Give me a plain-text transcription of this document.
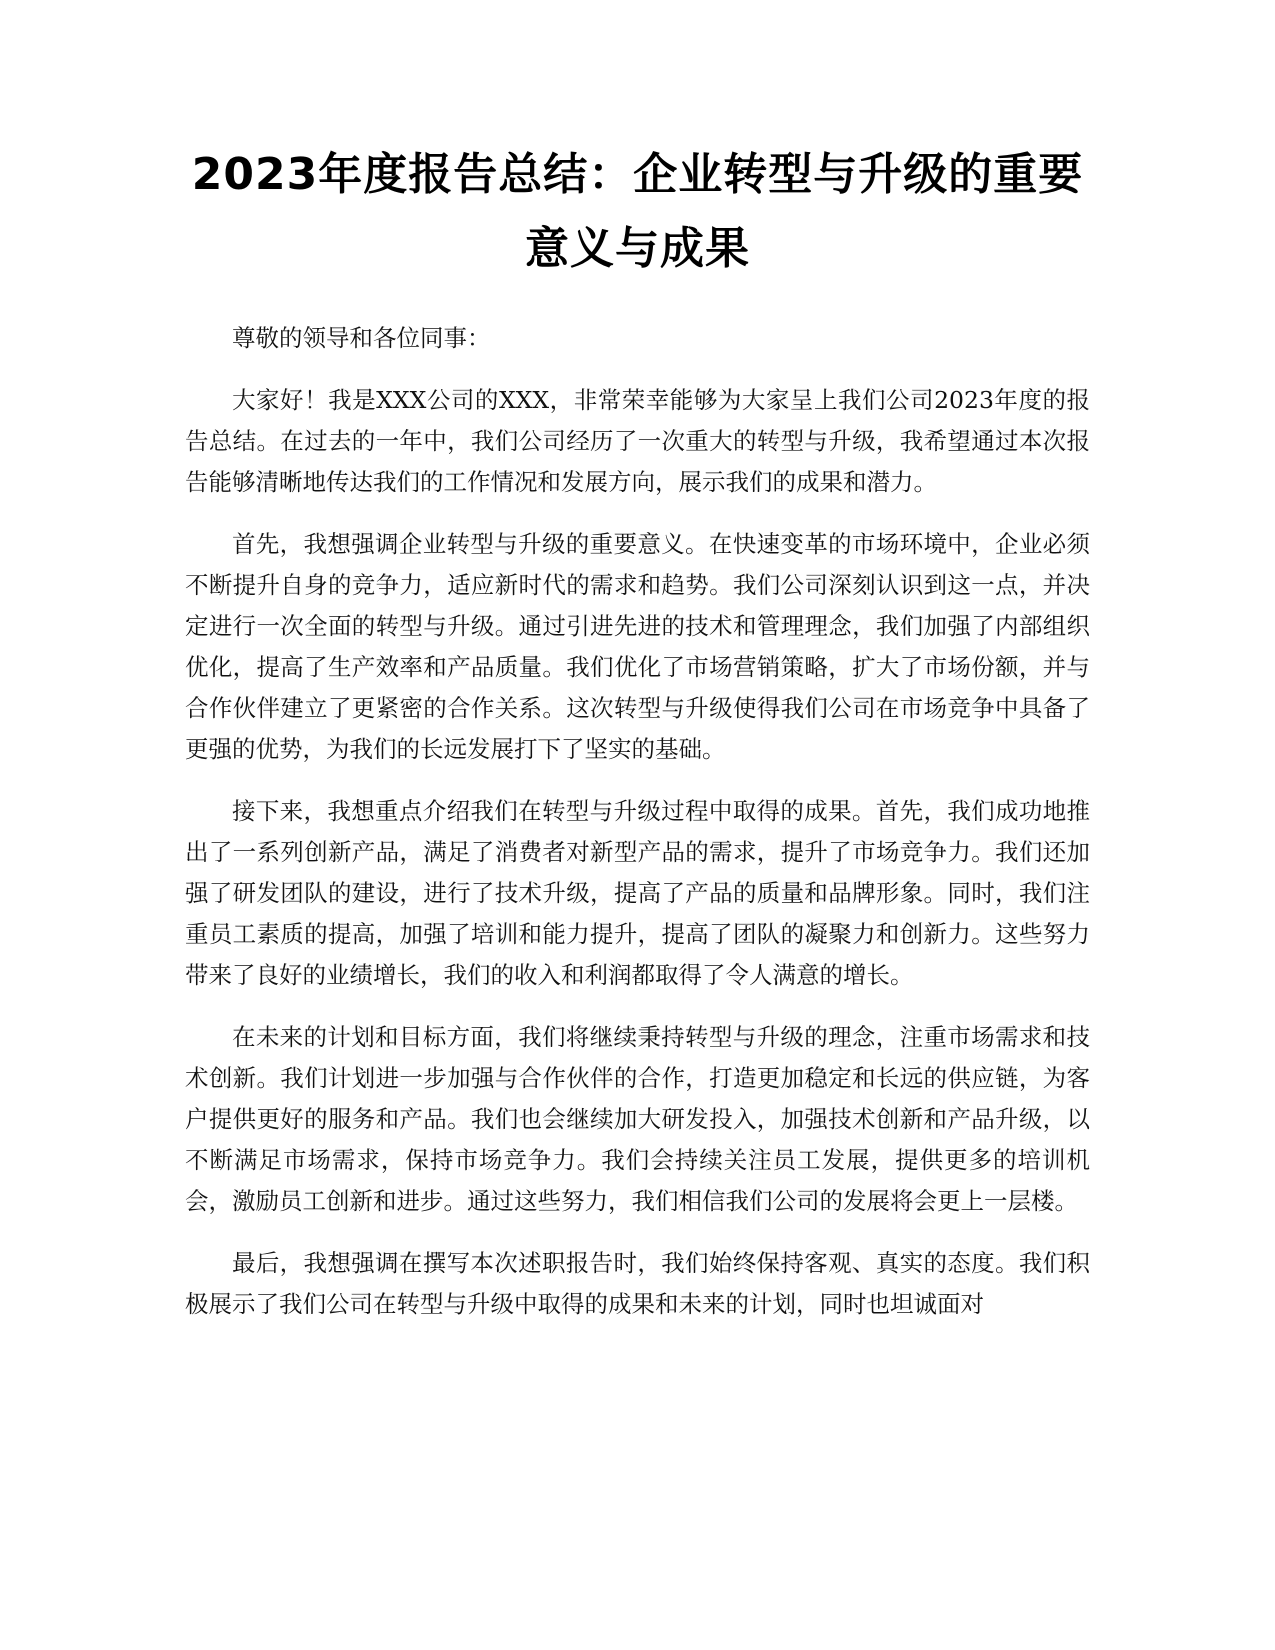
2023年度报告总结：企业转型与升级的重要意义与成果

尊敬的领导和各位同事：

大家好！我是XXX公司的XXX，非常荣幸能够为大家呈上我们公司2023年度的报告总结。在过去的一年中，我们公司经历了一次重大的转型与升级，我希望通过本次报告能够清晰地传达我们的工作情况和发展方向，展示我们的成果和潜力。

首先，我想强调企业转型与升级的重要意义。在快速变革的市场环境中，企业必须不断提升自身的竞争力，适应新时代的需求和趋势。我们公司深刻认识到这一点，并决定进行一次全面的转型与升级。通过引进先进的技术和管理理念，我们加强了内部组织优化，提高了生产效率和产品质量。我们优化了市场营销策略，扩大了市场份额，并与合作伙伴建立了更紧密的合作关系。这次转型与升级使得我们公司在市场竞争中具备了更强的优势，为我们的长远发展打下了坚实的基础。

接下来，我想重点介绍我们在转型与升级过程中取得的成果。首先，我们成功地推出了一系列创新产品，满足了消费者对新型产品的需求，提升了市场竞争力。我们还加强了研发团队的建设，进行了技术升级，提高了产品的质量和品牌形象。同时，我们注重员工素质的提高，加强了培训和能力提升，提高了团队的凝聚力和创新力。这些努力带来了良好的业绩增长，我们的收入和利润都取得了令人满意的增长。

在未来的计划和目标方面，我们将继续秉持转型与升级的理念，注重市场需求和技术创新。我们计划进一步加强与合作伙伴的合作，打造更加稳定和长远的供应链，为客户提供更好的服务和产品。我们也会继续加大研发投入，加强技术创新和产品升级，以不断满足市场需求，保持市场竞争力。我们会持续关注员工发展，提供更多的培训机会，激励员工创新和进步。通过这些努力，我们相信我们公司的发展将会更上一层楼。

最后，我想强调在撰写本次述职报告时，我们始终保持客观、真实的态度。我们积极展示了我们公司在转型与升级中取得的成果和未来的计划，同时也坦诚面对
